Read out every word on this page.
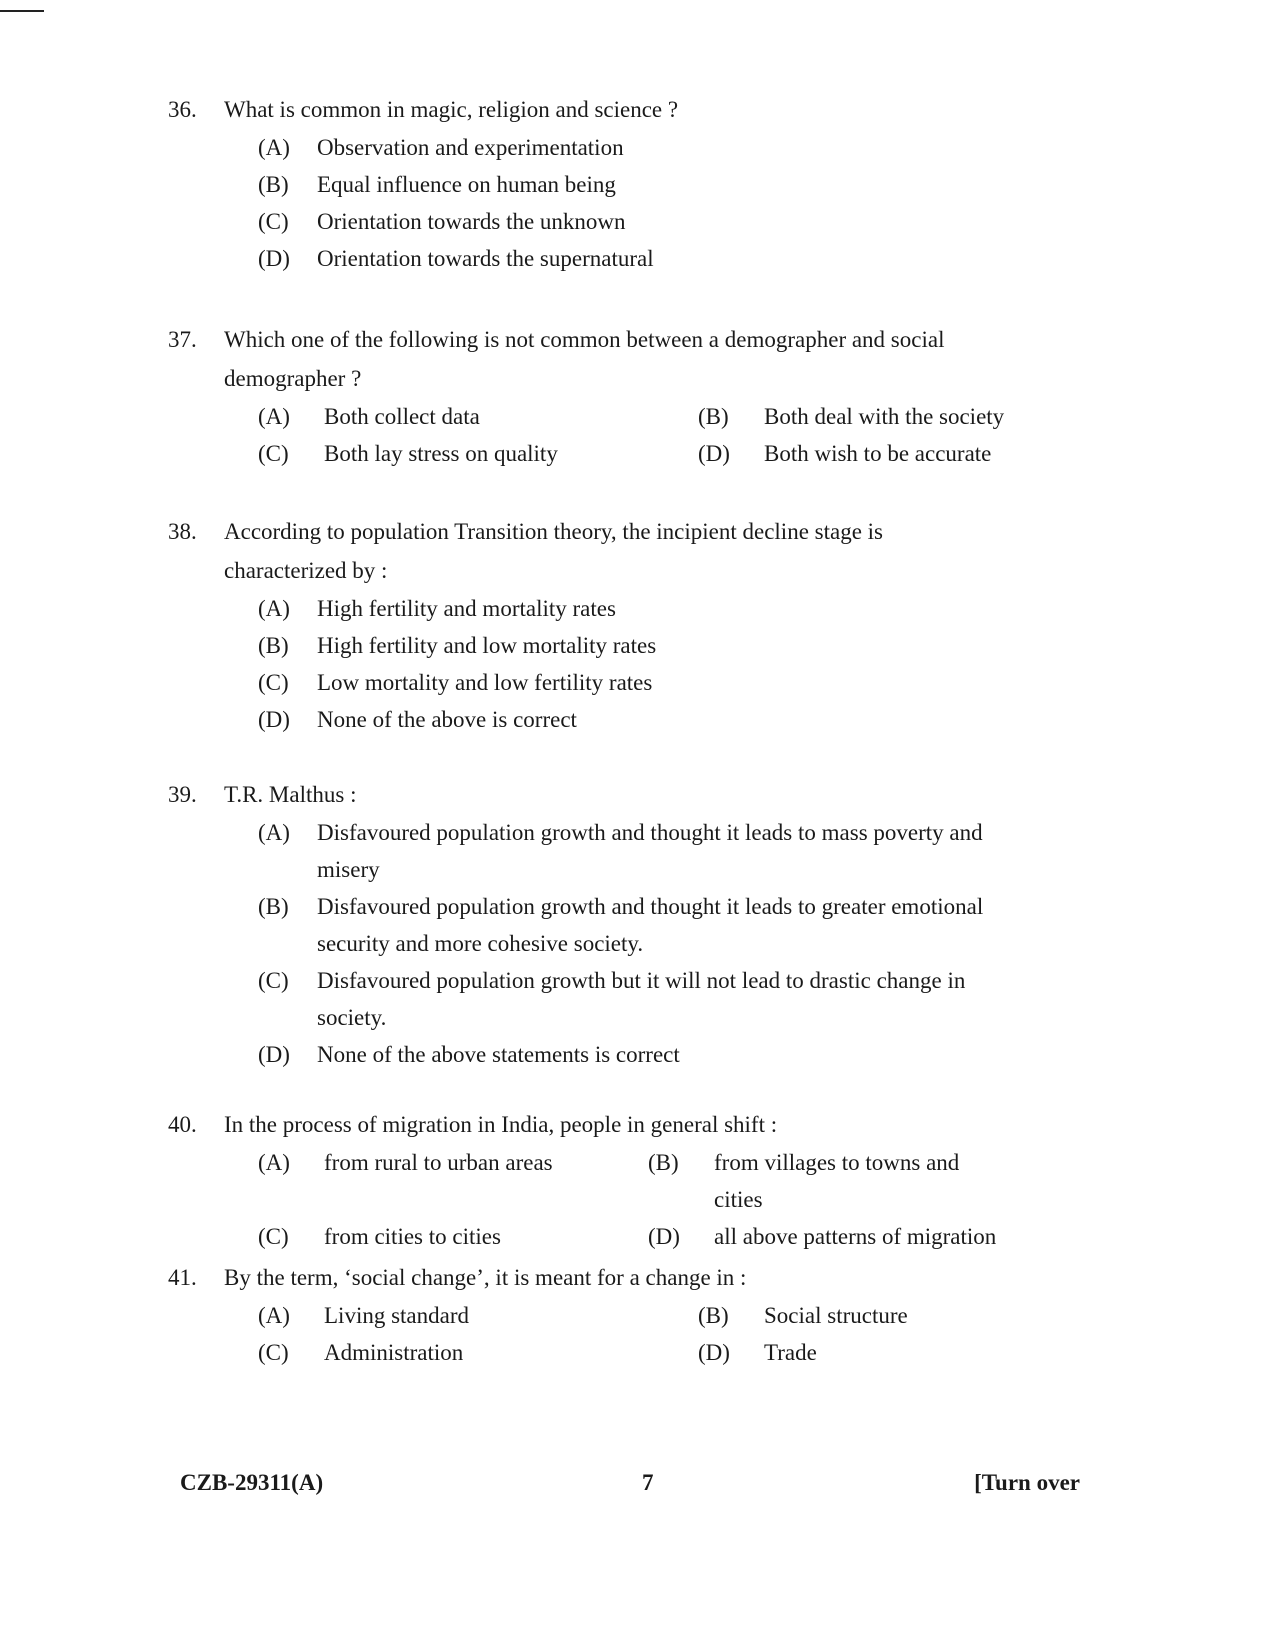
36.	What is common in magic, religion and science ?
(A)	Observation and experimentation
(B)	Equal influence on human being
(C)	Orientation towards the unknown
(D)	Orientation towards the supernatural
37.	Which one of the following is not common between a demographer and social demographer ?
(A)	Both collect data	(B)	Both deal with the society
(C)	Both lay stress on quality	(D)	Both wish to be accurate
38.	According to population Transition theory, the incipient decline stage is characterized by :
(A)	High fertility and mortality rates
(B)	High fertility and low mortality rates
(C)	Low mortality and low fertility rates
(D)	None of the above is correct
39.	T.R. Malthus :
(A)	Disfavoured population growth and thought it leads to mass poverty and misery
(B)	Disfavoured population growth and thought it leads to greater emotional security and more cohesive society.
(C)	Disfavoured population growth but it will not lead to drastic change in society.
(D)	None of the above statements is correct
40.	In the process of migration in India, people in general shift :
(A)	from rural to urban areas	(B)	from villages to towns and cities
(C)	from cities to cities	(D)	all above patterns of migration
41.	By the term, ‘social change’, it is meant for a change in :
(A)	Living standard	(B)	Social structure
(C)	Administration	(D)	Trade
CZB-29311(A)	7	[Turn over
